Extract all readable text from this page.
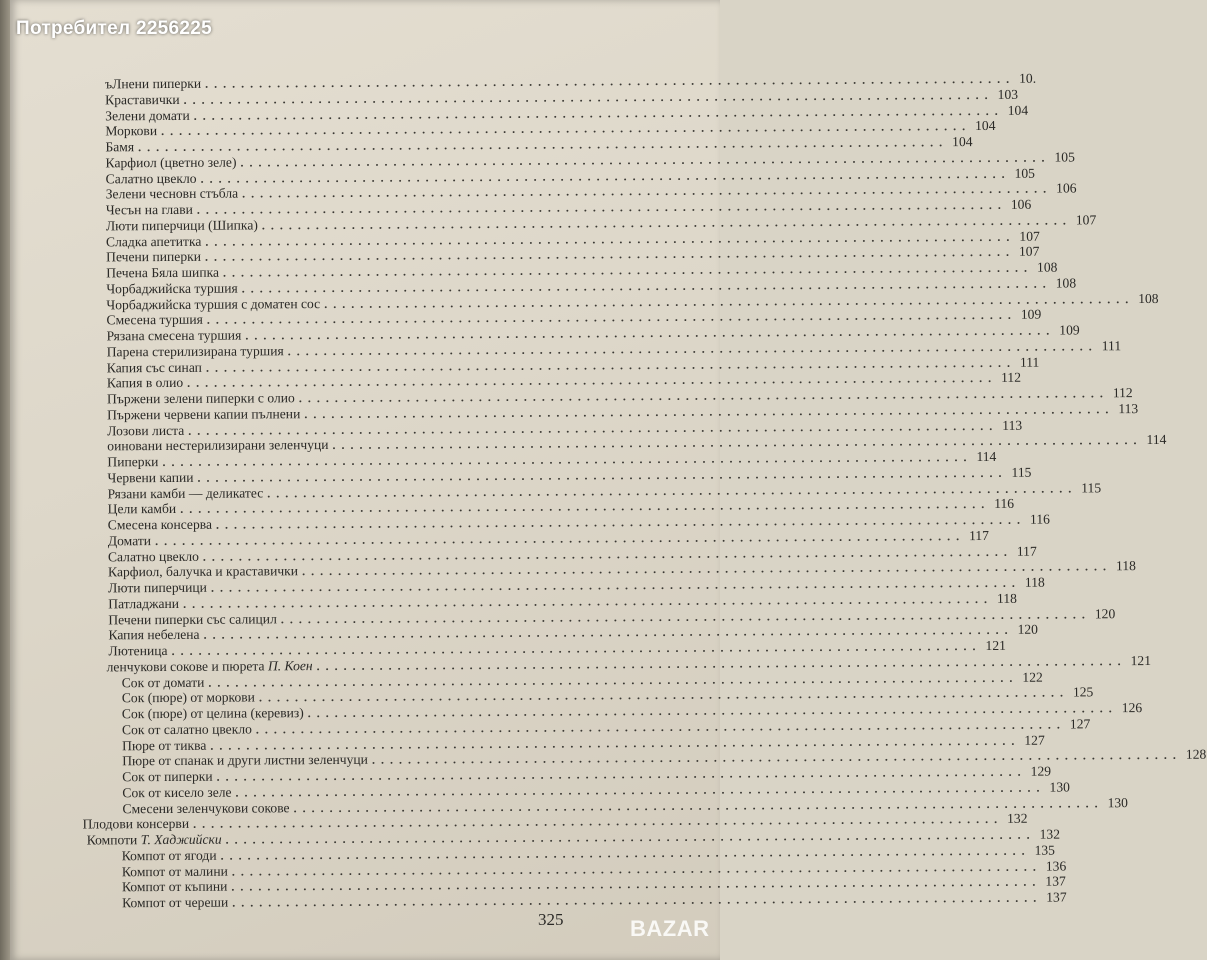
Потребител 2256225
ъЛнени пиперки .......................................................................................... 10.
Краставички .......................................................................................... 103
Зелени домати .......................................................................................... 104
Моркови .......................................................................................... 104
Бамя .......................................................................................... 104
Карфиол (цветно зеле) .......................................................................................... 105
Салатно цвекло .......................................................................................... 105
Зелени чесновн стъбла .......................................................................................... 106
Чесън на глави .......................................................................................... 106
Люти пиперчици (Шипка) .......................................................................................... 107
Сладка апетитка .......................................................................................... 107
Печени пиперки .......................................................................................... 107
Печена Бяла шипка .......................................................................................... 108
Чорбаджийска туршия .......................................................................................... 108
Чорбаджийска туршия с доматен сос .......................................................................................... 108
Смесена туршия .......................................................................................... 109
Рязана смесена туршия .......................................................................................... 109
Парена стерилизирана туршия .......................................................................................... 111
Капия със синап .......................................................................................... 111
Капия в олио .......................................................................................... 112
Пържени зелени пиперки с олио .......................................................................................... 112
Пържени червени капии пълнени .......................................................................................... 113
Лозови листа .......................................................................................... 113
оиновани нестерилизирани зеленчуци .......................................................................................... 114
Пиперки .......................................................................................... 114
Червени капии .......................................................................................... 115
Рязани камби — деликатес .......................................................................................... 115
Цели камби .......................................................................................... 116
Смесена консерва .......................................................................................... 116
Домати .......................................................................................... 117
Салатно цвекло .......................................................................................... 117
Карфиол, балучка и краставички .......................................................................................... 118
Люти пиперчици .......................................................................................... 118
Патладжани .......................................................................................... 118
Печени пиперки със салицил .......................................................................................... 120
Капия небелена .......................................................................................... 120
Лютеница .......................................................................................... 121
ленчукови сокове и пюрета П. Коен .......................................................................................... 121
Сок от домати .......................................................................................... 122
Сок (пюре) от моркови .......................................................................................... 125
Сок (пюре) от целина (керевиз) .......................................................................................... 126
Сок от салатно цвекло .......................................................................................... 127
Пюре от тиква .......................................................................................... 127
Пюре от спанак и други листни зеленчуци .......................................................................................... 128
Сок от пиперки .......................................................................................... 129
Сок от кисело зеле .......................................................................................... 130
Смесени зеленчукови сокове .......................................................................................... 130
Плодови консерви .......................................................................................... 132
Компоти Т. Хаджийски .......................................................................................... 132
Компот от ягоди .......................................................................................... 135
Компот от малини .......................................................................................... 136
Компот от къпини .......................................................................................... 137
Компот от череши .......................................................................................... 137
325	BAZAR
